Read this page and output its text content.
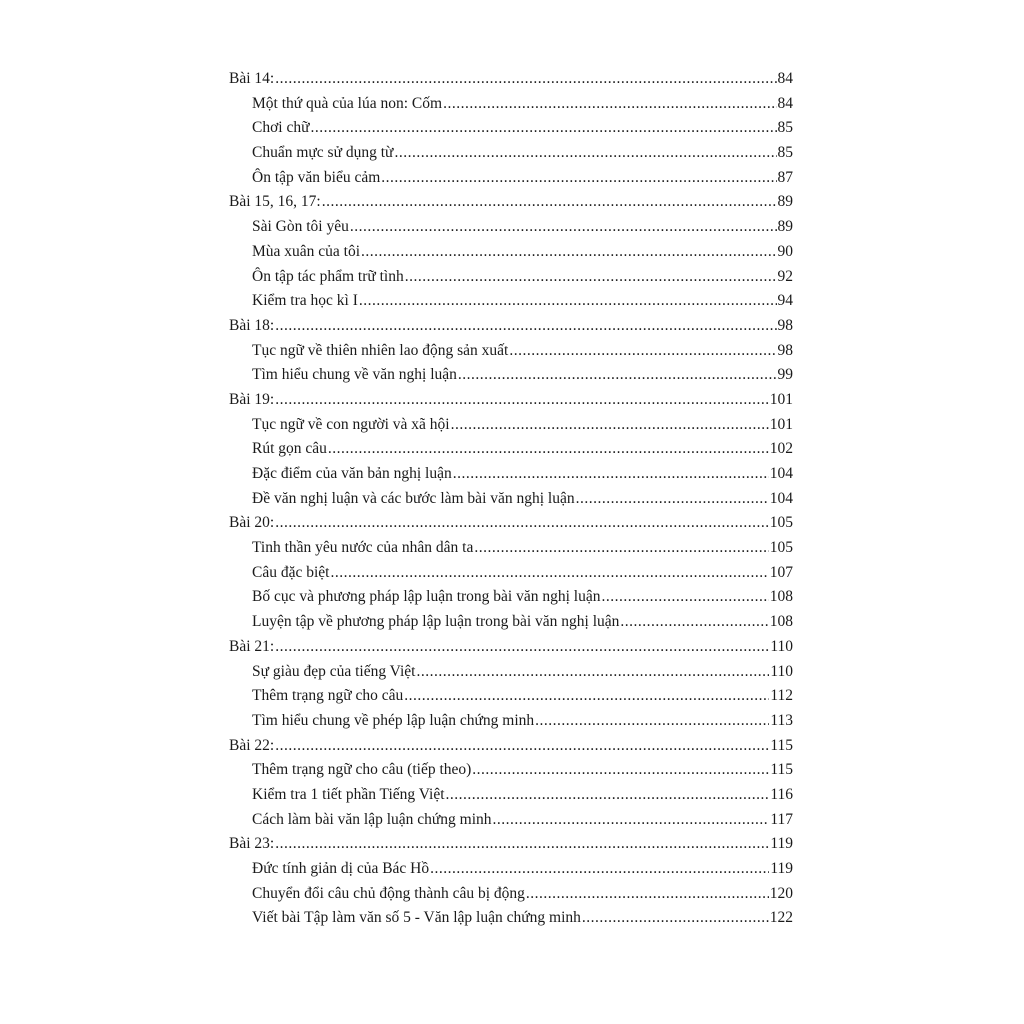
Bài 14: .....	84
Một thứ quà của lúa non: Cốm .....	84
Chơi chữ .....	85
Chuẩn mực sử dụng từ .....	85
Ôn tập văn biểu cảm .....	87
Bài 15, 16, 17: .....	89
Sài Gòn tôi yêu .....	89
Mùa xuân của tôi .....	90
Ôn tập tác phẩm trữ tình .....	92
Kiểm tra học kì I .....	94
Bài 18: .....	98
Tục ngữ về thiên nhiên lao động sản xuất .....	98
Tìm hiểu chung về văn nghị luận .....	99
Bài 19: .....	101
Tục ngữ về con người và xã hội .....	101
Rút gọn câu .....	102
Đặc điểm của văn bản nghị luận .....	104
Đề văn nghị luận và các bước làm bài văn nghị luận .....	104
Bài 20: .....	105
Tinh thần yêu nước của nhân dân ta .....	105
Câu đặc biệt .....	107
Bố cục và phương pháp lập luận trong bài văn nghị luận .....	108
Luyện tập về phương pháp lập luận trong bài văn nghị luận .....	108
Bài 21: .....	110
Sự giàu đẹp của tiếng Việt .....	110
Thêm trạng ngữ cho câu .....	112
Tìm hiểu chung về phép lập luận chứng minh .....	113
Bài 22: .....	115
Thêm trạng ngữ cho câu (tiếp theo) .....	115
Kiểm tra 1 tiết phần Tiếng Việt .....	116
Cách làm bài văn lập luận chứng minh .....	117
Bài 23: .....	119
Đức tính giản dị của Bác Hồ .....	119
Chuyển đổi câu chủ động thành câu bị động .....	120
Viết bài Tập làm văn số 5 - Văn lập luận chứng minh .....	122
